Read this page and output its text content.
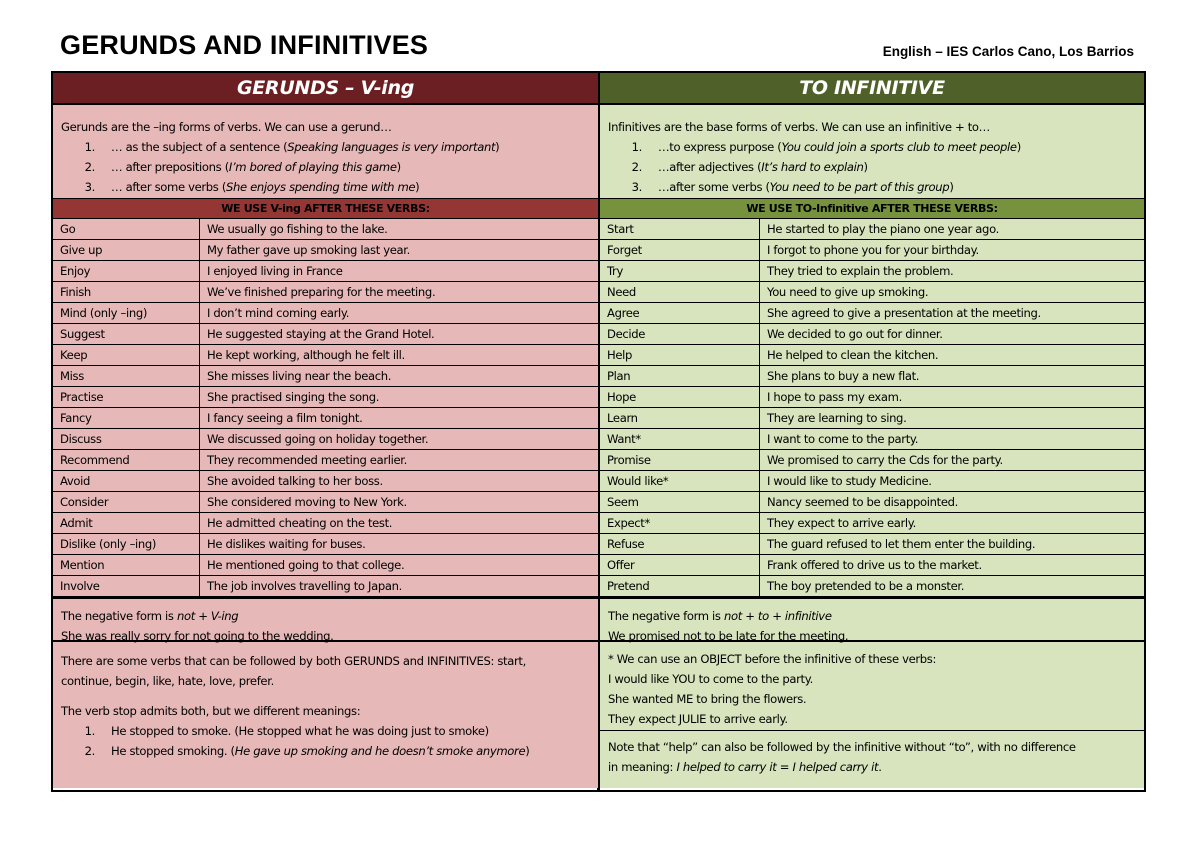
GERUNDS AND INFINITIVES	English – IES Carlos Cano, Los Barrios
GERUNDS – V-ing
Gerunds are the –ing forms of verbs. We can use a gerund…
1.	… as the subject of a sentence (Speaking languages is very important)
2.	… after prepositions (I’m bored of playing this game)
3.	… after some verbs (She enjoys spending time with me)
WE USE V-ing AFTER THESE VERBS:
Go	We usually go fishing to the lake.
Give up	My father gave up smoking last year.
Enjoy	I enjoyed living in France
Finish	We’ve finished preparing for the meeting.
Mind (only –ing)	I don’t mind coming early.
Suggest	He suggested staying at the Grand Hotel.
Keep	He kept working, although he felt ill.
Miss	She misses living near the beach.
Practise	She practised singing the song.
Fancy	I fancy seeing a film tonight.
Discuss	We discussed going on holiday together.
Recommend	They recommended meeting earlier.
Avoid	She avoided talking to her boss.
Consider	She considered moving to New York.
Admit	He admitted cheating on the test.
Dislike (only –ing)	He dislikes waiting for buses.
Mention	He mentioned going to that college.
Involve	The job involves travelling to Japan.
The negative form is not + V-ing
She was really sorry for not going to the wedding.

There are some verbs that can be followed by both GERUNDS and INFINITIVES: start,

continue, begin, like, hate, love, prefer.

The verb stop admits both, but we different meanings:

1.	He stopped to smoke. (He stopped what he was doing just to smoke)
2.	He stopped smoking. (He gave up smoking and he doesn’t smoke anymore)
TO INFINITIVE
Infinitives are the base forms of verbs. We can use an infinitive + to…
1.	…to express purpose (You could join a sports club to meet people)
2.	…after adjectives (It’s hard to explain)
3.	…after some verbs (You need to be part of this group)
WE USE TO-Infinitive AFTER THESE VERBS:
Start	He started to play the piano one year ago.
Forget	I forgot to phone you for your birthday.
Try	They tried to explain the problem.
Need	You need to give up smoking.
Agree	She agreed to give a presentation at the meeting.
Decide	We decided to go out for dinner.
Help	He helped to clean the kitchen.
Plan	She plans to buy a new flat.
Hope	I hope to pass my exam.
Learn	They are learning to sing.
Want*	I want to come to the party.
Promise	We promised to carry the Cds for the party.
Would like*	I would like to study Medicine.
Seem	Nancy seemed to be disappointed.
Expect*	They expect to arrive early.
Refuse	The guard refused to let them enter the building.
Offer	Frank offered to drive us to the market.
Pretend	The boy pretended to be a monster.
The negative form is not + to + infinitive
We promised not to be late for the meeting.
* We can use an OBJECT before the infinitive of these verbs:
I would like YOU to come to the party.
She wanted ME to bring the flowers.
They expect JULIE to arrive early.
Note that “help” can also be followed by the infinitive without “to”, with no difference
in meaning: I helped to carry it = I helped carry it.
